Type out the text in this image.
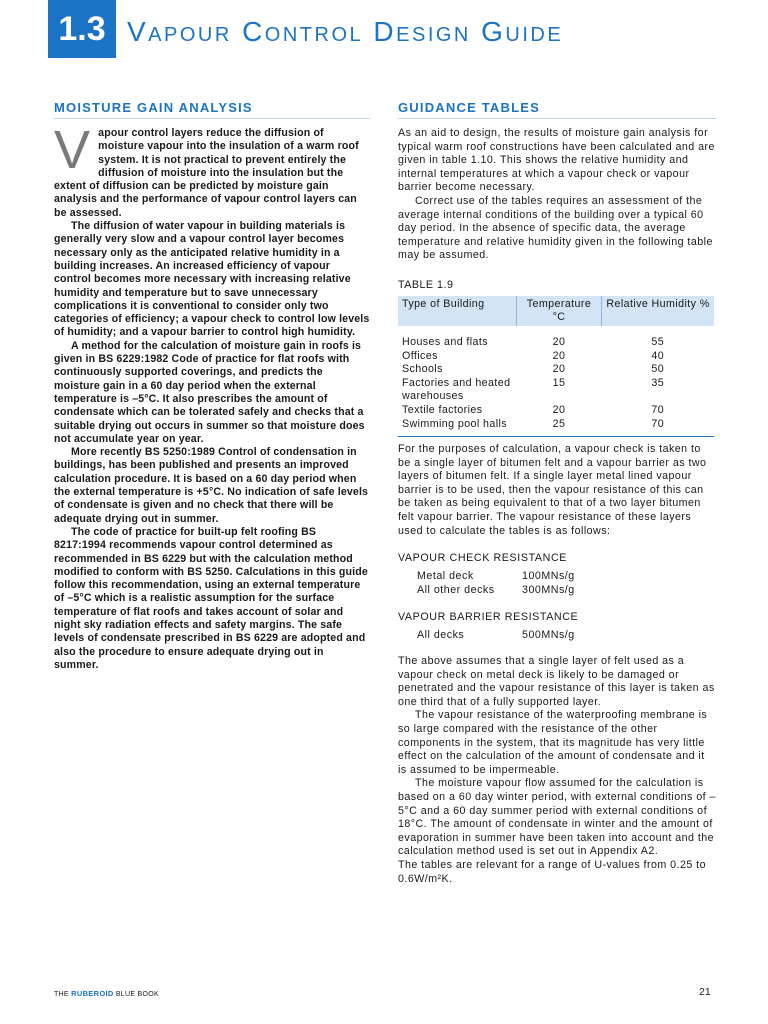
1.3 Vapour Control Design Guide
MOISTURE GAIN ANALYSIS

Vapour control layers reduce the diffusion of moisture vapour into the insulation of a warm roof system. It is not practical to prevent entirely the diffusion of moisture into the insulation but the extent of diffusion can be predicted by moisture gain analysis and the performance of vapour control layers can be assessed.

The diffusion of water vapour in building materials is generally very slow and a vapour control layer becomes necessary only as the anticipated relative humidity in a building increases. An increased efficiency of vapour control becomes more necessary with increasing relative humidity and temperature but to save unnecessary complications it is conventional to consider only two categories of efficiency; a vapour check to control low levels of humidity; and a vapour barrier to control high humidity.

A method for the calculation of moisture gain in roofs is given in BS 6229:1982 Code of practice for flat roofs with continuously supported coverings, and predicts the moisture gain in a 60 day period when the external temperature is –5°C. It also prescribes the amount of condensate which can be tolerated safely and checks that a suitable drying out occurs in summer so that moisture does not accumulate year on year.

More recently BS 5250:1989 Control of condensation in buildings, has been published and presents an improved calculation procedure. It is based on a 60 day period when the external temperature is +5°C. No indication of safe levels of condensate is given and no check that there will be adequate drying out in summer.

The code of practice for built-up felt roofing BS 8217:1994 recommends vapour control determined as recommended in BS 6229 but with the calculation method modified to conform with BS 5250. Calculations in this guide follow this recommendation, using an external temperature of –5°C which is a realistic assumption for the surface temperature of flat roofs and takes account of solar and night sky radiation effects and safety margins. The safe levels of condensate prescribed in BS 6229 are adopted and also the procedure to ensure adequate drying out in summer.

GUIDANCE TABLES

As an aid to design, the results of moisture gain analysis for typical warm roof constructions have been calculated and are given in table 1.10. This shows the relative humidity and internal temperatures at which a vapour check or vapour barrier become necessary.

Correct use of the tables requires an assessment of the average internal conditions of the building over a typical 60 day period. In the absence of specific data, the average temperature and relative humidity given in the following table may be assumed.

TABLE 1.9
Type of Building	Temperature °C	Relative Humidity %
Houses and flats	20	55
Offices	20	40
Schools	20	50
Factories and heated warehouses	15	35
Textile factories	20	70
Swimming pool halls	25	70

For the purposes of calculation, a vapour check is taken to be a single layer of bitumen felt and a vapour barrier as two layers of bitumen felt. If a single layer metal lined vapour barrier is to be used, then the vapour resistance of this can be taken as being equivalent to that of a two layer bitumen felt vapour barrier. The vapour resistance of these layers used to calculate the tables is as follows:

VAPOUR CHECK RESISTANCE
Metal deck	100MNs/g
All other decks	300MNs/g
VAPOUR BARRIER RESISTANCE
All decks	500MNs/g

The above assumes that a single layer of felt used as a vapour check on metal deck is likely to be damaged or penetrated and the vapour resistance of this layer is taken as one third that of a fully supported layer.

The vapour resistance of the waterproofing membrane is so large compared with the resistance of the other components in the system, that its magnitude has very little effect on the calculation of the amount of condensate and it is assumed to be impermeable.

The moisture vapour flow assumed for the calculation is based on a 60 day winter period, with external conditions of –5°C and a 60 day summer period with external conditions of 18°C. The amount of condensate in winter and the amount of evaporation in summer have been taken into account and the calculation method used is set out in Appendix A2.

The tables are relevant for a range of U-values from 0.25 to 0.6W/m²K.

THE RUBEROID BLUE BOOK	21
